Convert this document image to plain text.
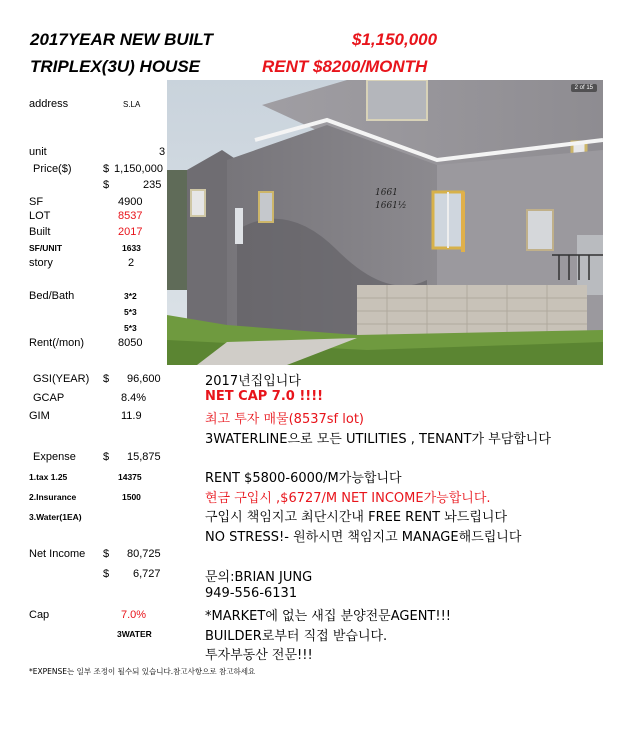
2017YEAR NEW BUILT
TRIPLEX(3U) HOUSE
$1,150,000
RENT $8200/MONTH
address	S.LA
unit	3
Price($)	$ 1,150,000
$	235
SF	4900
LOT	8537
Built	2017
SF/UNIT	1633
story	2
Bed/Bath	3*2
5*3
5*3
Rent(/mon)	8050
GSI(YEAR) $ 96,600
GCAP	8.4%
GIM	11.9
Expense $ 15,875
1.tax 1.25	14375
2.Insurance	1500
3.Water(1EA)
Net Income $ 80,725
$ 6,727
Cap	7.0%
3WATER
2017년집입니다
NET CAP 7.0 !!!!
최고 투자 매물(8537sf lot)
3WATERLINE으로 모든 UTILITIES , TENANT가 부담합니다
RENT $5800-6000/M가능합니다
현금 구입시 ,$6727/M NET INCOME가능합니다.
구입시 책임지고 최단시간내 FREE RENT 놔드립니다
NO STRESS!- 원하시면 책임지고 MANAGE해드립니다
문의:BRIAN JUNG
949-556-6131
*MARKET에 없는 새집 분양전문AGENT!!!
BUILDER로부터 직접 받습니다.
투자부동산 전문!!!
*EXPENSE는 일부 조정이 될수되 있습니다.참고사항으로 참고하세요
1661
1661½
2 of 15
